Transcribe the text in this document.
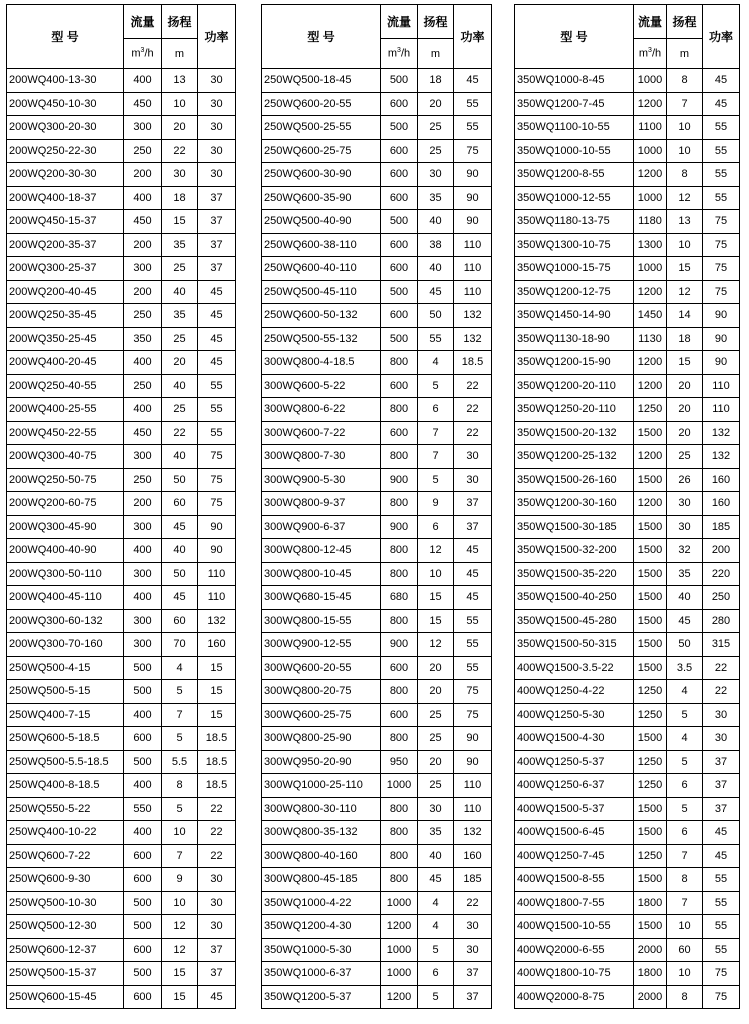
型 号	流量	扬程	功率
	$m^3/h$	m	
200WQ400-13-30	400	13	30
200WQ450-10-30	450	10	30
200WQ300-20-30	300	20	30
200WQ250-22-30	250	22	30
200WQ200-30-30	200	30	30
200WQ400-18-37	400	18	37
200WQ450-15-37	450	15	37
200WQ200-35-37	200	35	37
200WQ300-25-37	300	25	37
200WQ200-40-45	200	40	45
200WQ250-35-45	250	35	45
200WQ350-25-45	350	25	45
200WQ400-20-45	400	20	45
200WQ250-40-55	250	40	55
200WQ400-25-55	400	25	55
200WQ450-22-55	450	22	55
200WQ300-40-75	300	40	75
200WQ250-50-75	250	50	75
200WQ200-60-75	200	60	75
200WQ300-45-90	300	45	90
200WQ400-40-90	400	40	90
200WQ300-50-110	300	50	110
200WQ400-45-110	400	45	110
200WQ300-60-132	300	60	132
200WQ300-70-160	300	70	160
250WQ500-4-15	500	4	15
250WQ500-5-15	500	5	15
250WQ400-7-15	400	7	15
250WQ600-5-18.5	600	5	18.5
250WQ500-5.5-18.5	500	5.5	18.5
250WQ400-8-18.5	400	8	18.5
250WQ550-5-22	550	5	22
250WQ400-10-22	400	10	22
250WQ600-7-22	600	7	22
250WQ600-9-30	600	9	30
250WQ500-10-30	500	10	30
250WQ500-12-30	500	12	30
250WQ600-12-37	600	12	37
250WQ500-15-37	500	15	37
250WQ600-15-45	600	15	45
型 号	流量	扬程	功率
	$m^3/h$	m	
250WQ500-18-45	500	18	45
250WQ600-20-55	600	20	55
250WQ500-25-55	500	25	55
250WQ600-25-75	600	25	75
250WQ600-30-90	600	30	90
250WQ600-35-90	600	35	90
250WQ500-40-90	500	40	90
250WQ600-38-110	600	38	110
250WQ600-40-110	600	40	110
250WQ500-45-110	500	45	110
250WQ600-50-132	600	50	132
250WQ500-55-132	500	55	132
300WQ800-4-18.5	800	4	18.5
300WQ600-5-22	600	5	22
300WQ800-6-22	800	6	22
300WQ600-7-22	600	7	22
300WQ800-7-30	800	7	30
300WQ900-5-30	900	5	30
300WQ800-9-37	800	9	37
300WQ900-6-37	900	6	37
300WQ800-12-45	800	12	45
300WQ800-10-45	800	10	45
300WQ680-15-45	680	15	45
300WQ800-15-55	800	15	55
300WQ900-12-55	900	12	55
300WQ600-20-55	600	20	55
300WQ800-20-75	800	20	75
300WQ600-25-75	600	25	75
300WQ800-25-90	800	25	90
300WQ950-20-90	950	20	90
300WQ1000-25-110	1000	25	110
300WQ800-30-110	800	30	110
300WQ800-35-132	800	35	132
300WQ800-40-160	800	40	160
300WQ800-45-185	800	45	185
350WQ1000-4-22	1000	4	22
350WQ1200-4-30	1200	4	30
350WQ1000-5-30	1000	5	30
350WQ1000-6-37	1000	6	37
350WQ1200-5-37	1200	5	37
型 号	流量	扬程	功率
	$m^3/h$	m	
350WQ1000-8-45	1000	8	45
350WQ1200-7-45	1200	7	45
350WQ1100-10-55	1100	10	55
350WQ1000-10-55	1000	10	55
350WQ1200-8-55	1200	8	55
350WQ1000-12-55	1000	12	55
350WQ1180-13-75	1180	13	75
350WQ1300-10-75	1300	10	75
350WQ1000-15-75	1000	15	75
350WQ1200-12-75	1200	12	75
350WQ1450-14-90	1450	14	90
350WQ1130-18-90	1130	18	90
350WQ1200-15-90	1200	15	90
350WQ1200-20-110	1200	20	110
350WQ1250-20-110	1250	20	110
350WQ1500-20-132	1500	20	132
350WQ1200-25-132	1200	25	132
350WQ1500-26-160	1500	26	160
350WQ1200-30-160	1200	30	160
350WQ1500-30-185	1500	30	185
350WQ1500-32-200	1500	32	200
350WQ1500-35-220	1500	35	220
350WQ1500-40-250	1500	40	250
350WQ1500-45-280	1500	45	280
350WQ1500-50-315	1500	50	315
400WQ1500-3.5-22	1500	3.5	22
400WQ1250-4-22	1250	4	22
400WQ1250-5-30	1250	5	30
400WQ1500-4-30	1500	4	30
400WQ1250-5-37	1250	5	37
400WQ1250-6-37	1250	6	37
400WQ1500-5-37	1500	5	37
400WQ1500-6-45	1500	6	45
400WQ1250-7-45	1250	7	45
400WQ1500-8-55	1500	8	55
400WQ1800-7-55	1800	7	55
400WQ1500-10-55	1500	10	55
400WQ2000-6-55	2000	60	55
400WQ1800-10-75	1800	10	75
400WQ2000-8-75	2000	8	75
